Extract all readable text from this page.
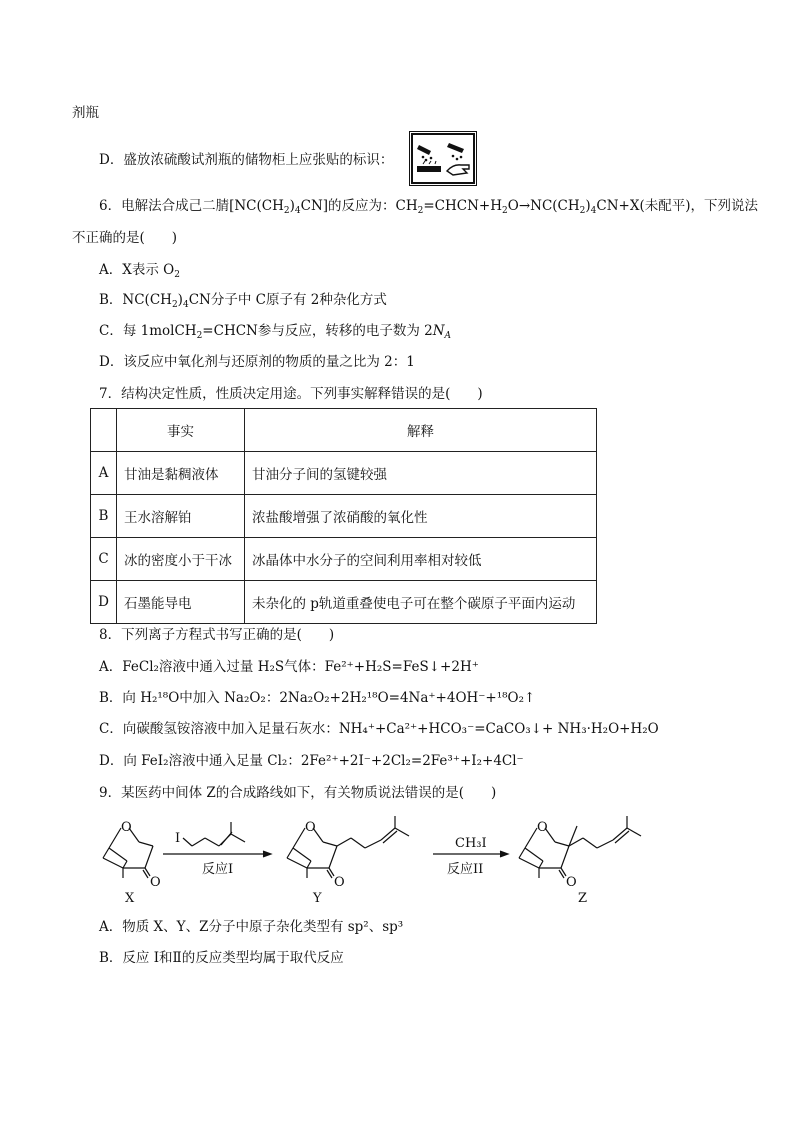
剂瓶
D．盛放浓硫酸试剂瓶的储物柜上应张贴的标识：
6．电解法合成己二腈$[NC(CH_2)_4CN]$的反应为：$CH_2=CHCN+H_2O\to NC(CH_2)_4CN+X$(未配平)，下列说法
不正确的是(　　)
A．X表示 $O_2$
B．$NC(CH_2)_4CN$分子中 C原子有 2种杂化方式
C．每 1molCH$_2$=CHCN参与反应，转移的电子数为 $2N_A$
D．该反应中氧化剂与还原剂的物质的量之比为 2：1
7．结构决定性质，性质决定用途。下列事实解释错误的是(　　)
	事实	解释
A	甘油是黏稠液体	甘油分子间的氢键较强
B	王水溶解铂	浓盐酸增强了浓硝酸的氧化性
C	冰的密度小于干冰	冰晶体中水分子的空间利用率相对较低
D	石墨能导电	未杂化的 p轨道重叠使电子可在整个碳原子平面内运动
8．下列离子方程式书写正确的是(　　)
A．FeCl₂溶液中通入过量 H₂S气体：Fe²⁺+H₂S=FeS↓+2H⁺
B．向 H₂¹⁸O中加入 Na₂O₂：2Na₂O₂+2H₂¹⁸O=4Na⁺+4OH⁻+¹⁸O₂↑
C．向碳酸氢铵溶液中加入足量石灰水：NH₄⁺+Ca²⁺+HCO₃⁻=CaCO₃↓+ NH₃·H₂O+H₂O
D．向 FeI₂溶液中通入足量 Cl₂：2Fe²⁺+2I⁻+2Cl₂=2Fe³⁺+I₂+4Cl⁻
9．某医药中间体 Z的合成路线如下，有关物质说法错误的是(　　)
O
O
X
I
反应I
O
O
Y
CH₃I
反应II
O
O
Z
A．物质 X、Y、Z分子中原子杂化类型有 sp²、sp³
B．反应 I和Ⅱ的反应类型均属于取代反应
